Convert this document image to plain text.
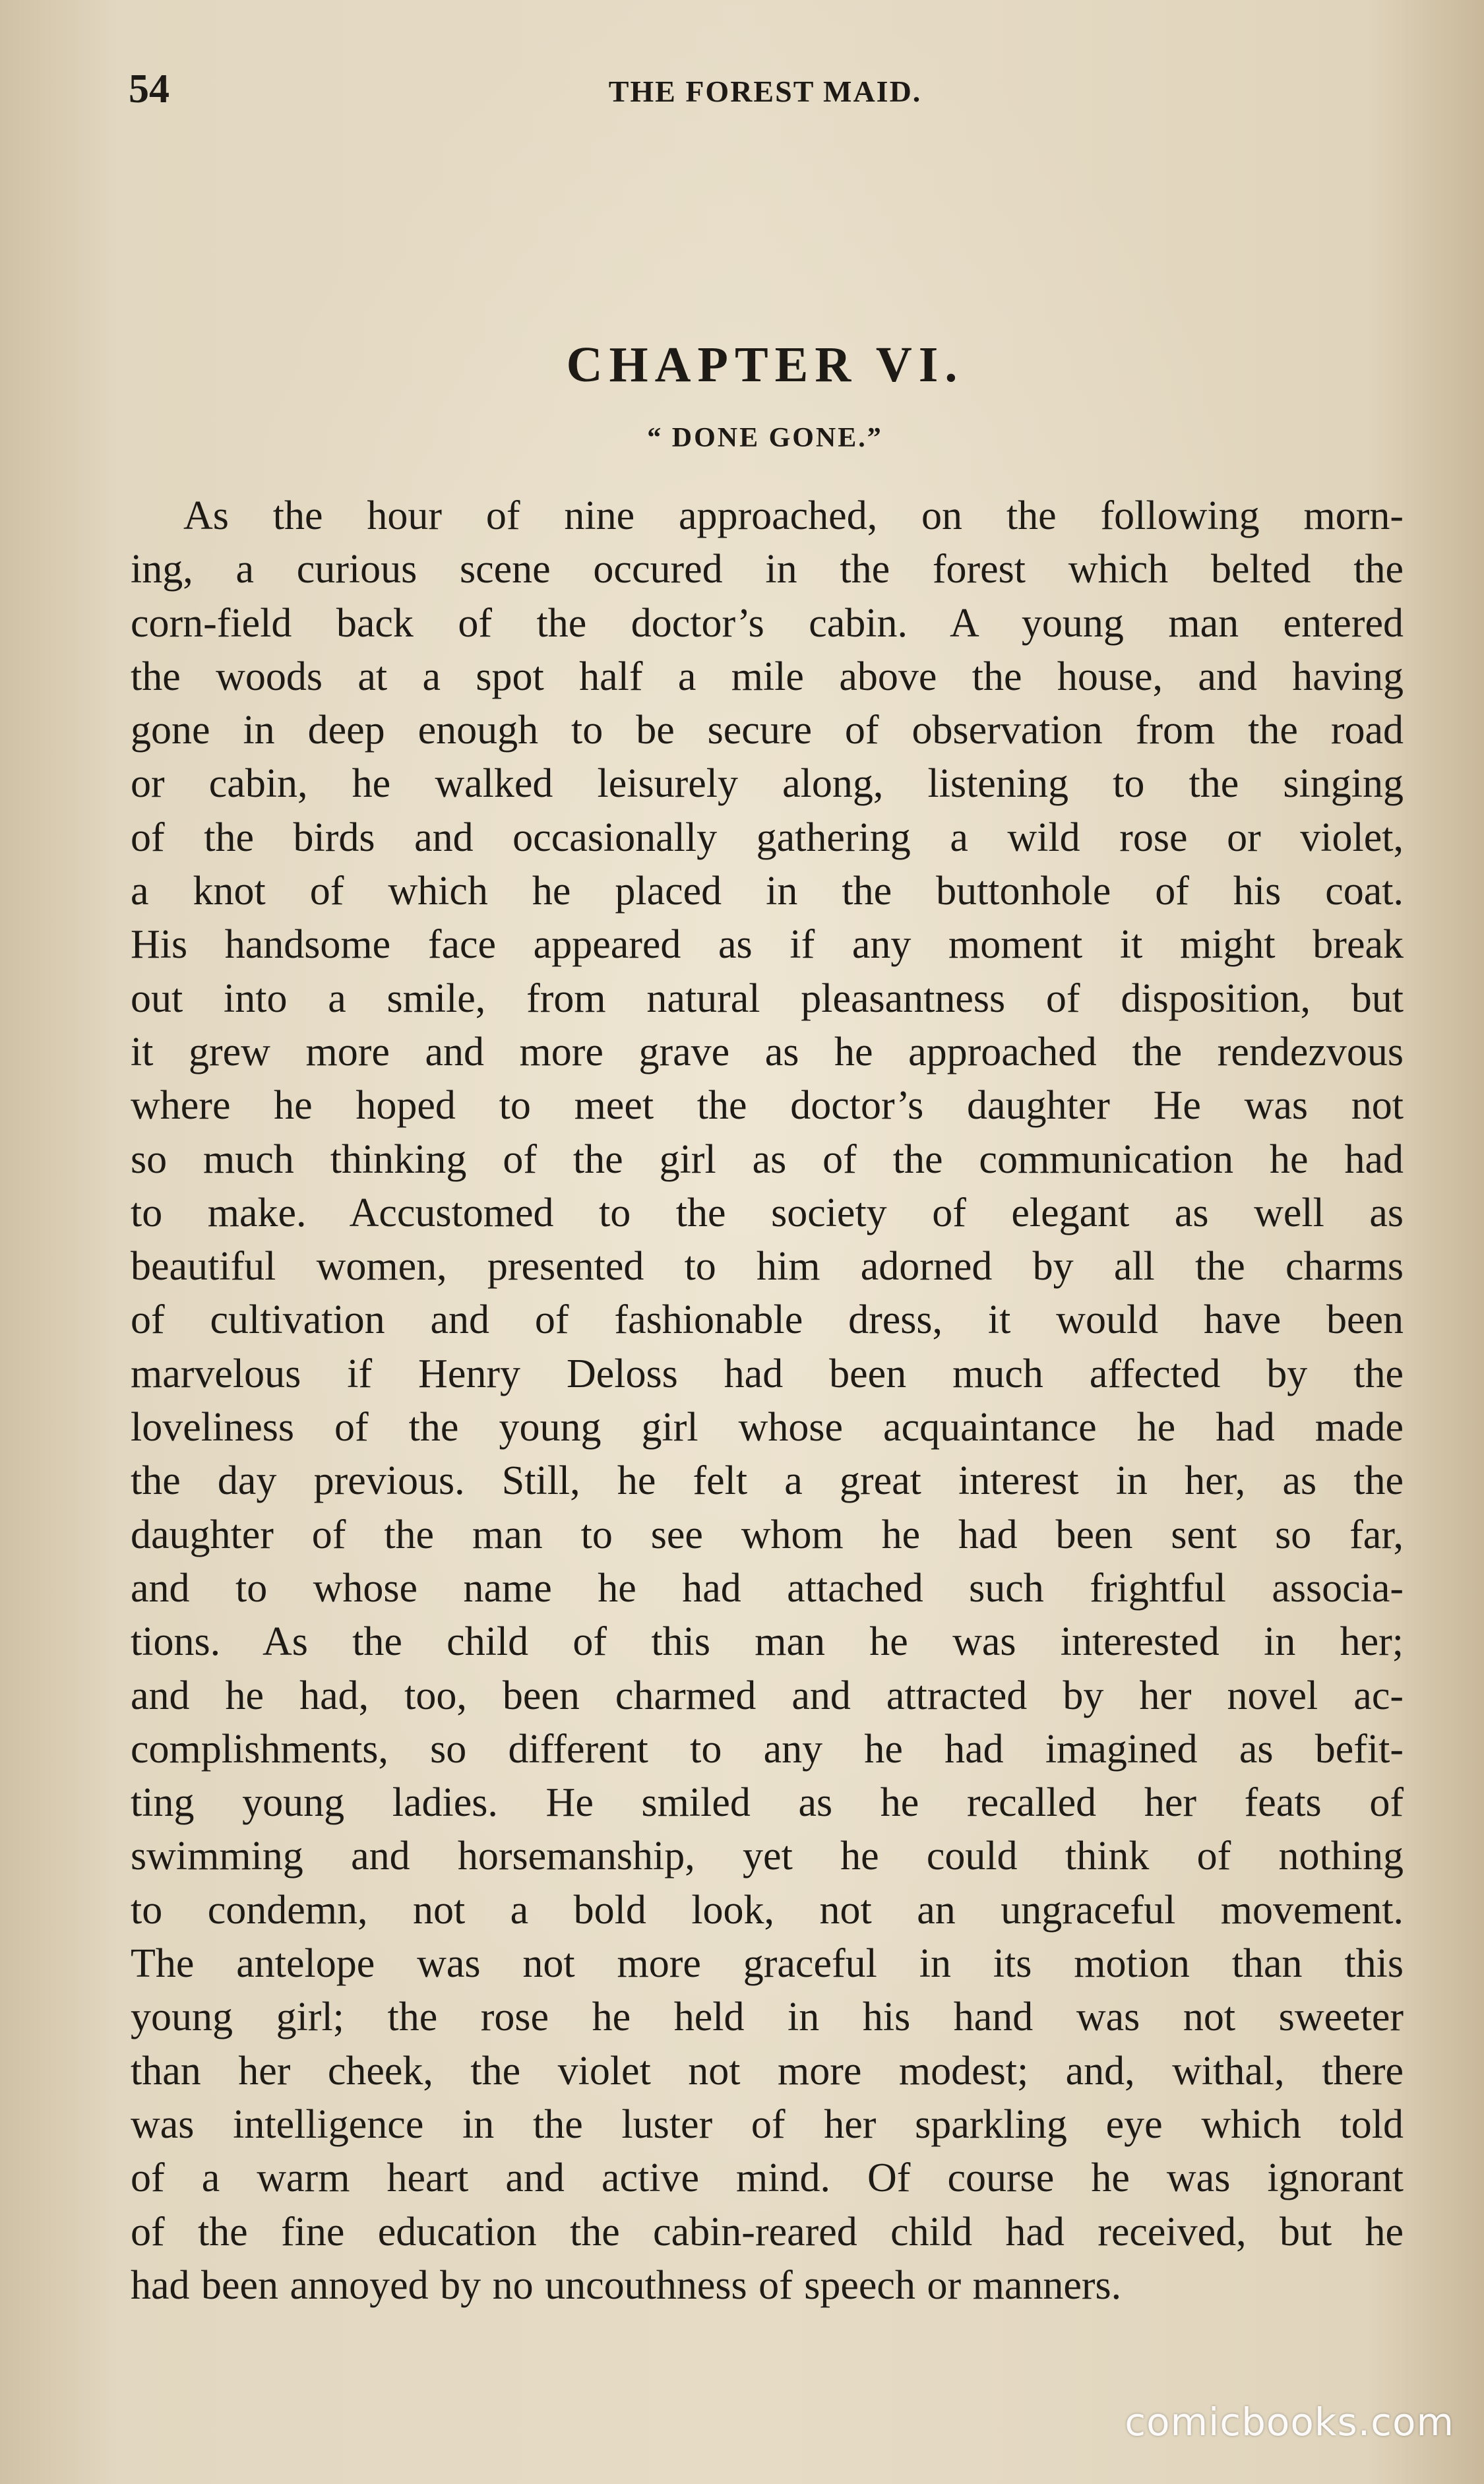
54	THE FOREST MAID.
CHAPTER VI.
“ DONE GONE.”
As the hour of nine approached, on the following morn-
ing, a curious scene occured in the forest which belted the
corn-field back of the doctor’s cabin. A young man entered
the woods at a spot half a mile above the house, and having
gone in deep enough to be secure of observation from the road
or cabin, he walked leisurely along, listening to the singing
of the birds and occasionally gathering a wild rose or violet,
a knot of which he placed in the buttonhole of his coat.
His handsome face appeared as if any moment it might break
out into a smile, from natural pleasantness of disposition, but
it grew more and more grave as he approached the rendezvous
where he hoped to meet the doctor’s daughter He was not
so much thinking of the girl as of the communication he had
to make. Accustomed to the society of elegant as well as
beautiful women, presented to him adorned by all the charms
of cultivation and of fashionable dress, it would have been
marvelous if Henry Deloss had been much affected by the
loveliness of the young girl whose acquaintance he had made
the day previous. Still, he felt a great interest in her, as the
daughter of the man to see whom he had been sent so far,
and to whose name he had attached such frightful associa-
tions. As the child of this man he was interested in her;
and he had, too, been charmed and attracted by her novel ac-
complishments, so different to any he had imagined as befit-
ting young ladies. He smiled as he recalled her feats of
swimming and horsemanship, yet he could think of nothing
to condemn, not a bold look, not an ungraceful movement.
The antelope was not more graceful in its motion than this
young girl; the rose he held in his hand was not sweeter
than her cheek, the violet not more modest; and, withal, there
was intelligence in the luster of her sparkling eye which told
of a warm heart and active mind. Of course he was ignorant
of the fine education the cabin-reared child had received, but he
had been annoyed by no uncouthness of speech or manners.
comicbooks.com
